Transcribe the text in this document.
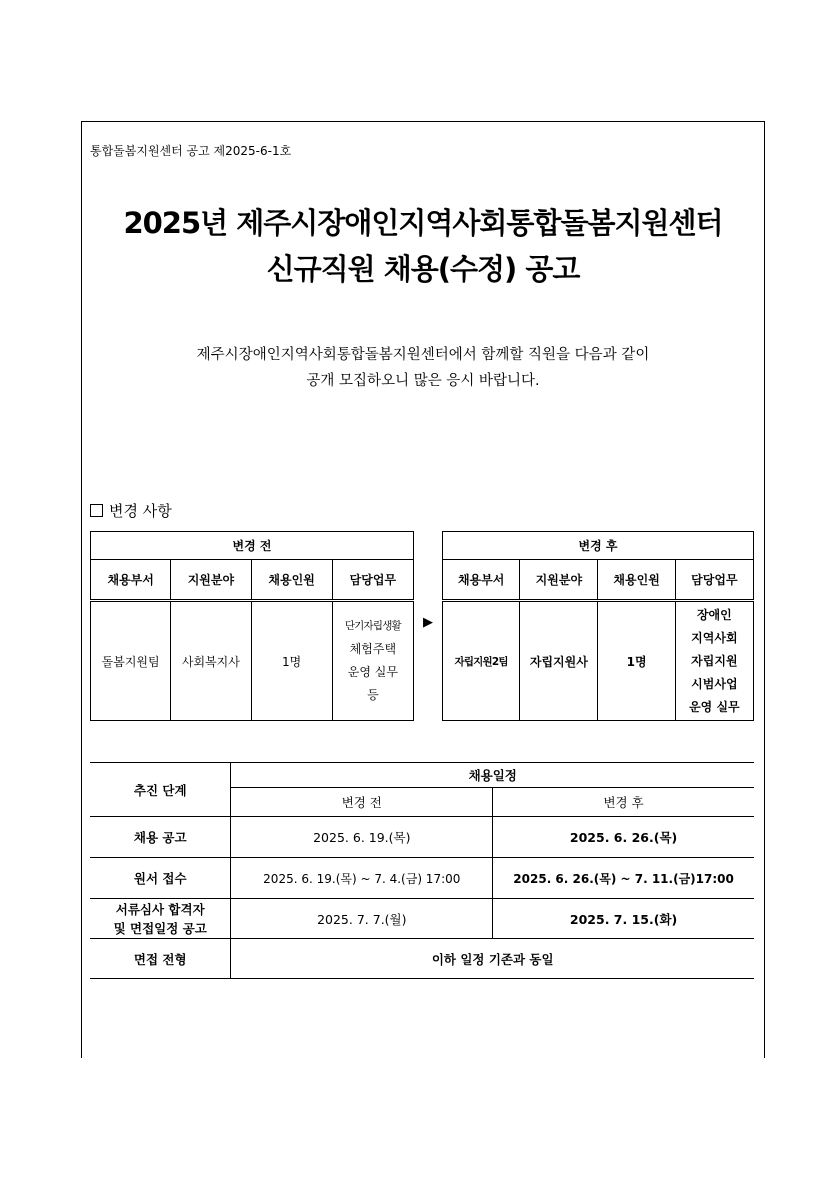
통합돌봄지원센터 공고 제2025-6-1호
2025년 제주시장애인지역사회통합돌봄지원센터
신규직원 채용(수정) 공고
제주시장애인지역사회통합돌봄지원센터에서 함께할 직원을 다음과 같이
공개 모집하오니 많은 응시 바랍니다.
변경 사항
변경 전			
채용부서	지원분야	채용인원	담당업무
돌봄지원팀	사회복지사	1명	단기자립생활
체험주택
운영 실무
등
▶
변경 후			
채용부서	지원분야	채용인원	담당업무
자립지원2팀	자립지원사	1명	장애인
지역사회
자립지원
시범사업
운영 실무
추진 단계	채용일정	
	변경 전	변경 후
채용 공고	2025. 6. 19.(목)	2025. 6. 26.(목)
원서 접수	2025. 6. 19.(목) ~ 7. 4.(금) 17:00	2025. 6. 26.(목) ~ 7. 11.(금)17:00

서류심사 합격자
및 면접일정 공고	2025. 7. 7.(월)	2025. 7. 15.(화)
면접 전형	이하 일정 기존과 동일	
